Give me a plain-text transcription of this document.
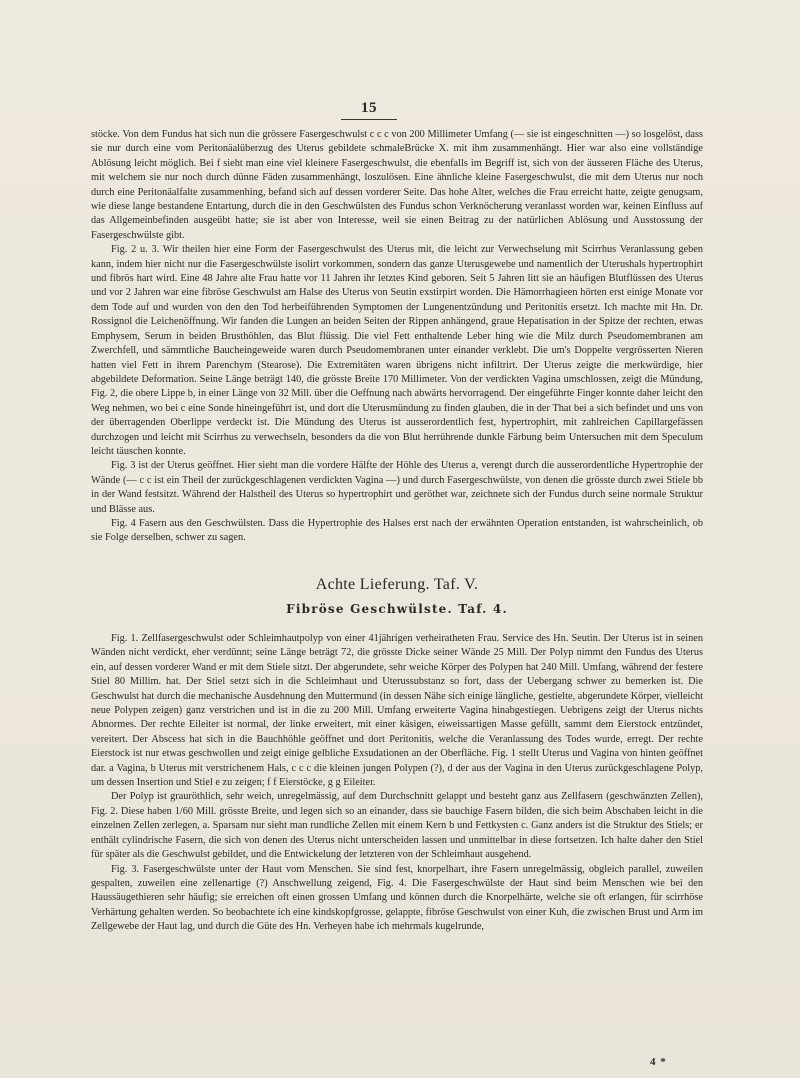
15

stöcke. Von dem Fundus hat sich nun die grössere Fasergeschwulst c c c von 200 Millimeter Umfang (— sie ist eingeschnitten —) so losgelöst, dass sie nur durch eine vom Peritonäalüberzug des Uterus gebildete schmaleBrücke X. mit ihm zusammenhängt. Hier war also eine vollständige Ablösung leicht möglich. Bei f sieht man eine viel kleinere Fasergeschwulst, die ebenfalls im Begriff ist, sich von der äusseren Fläche des Uterus, mit welchem sie nur noch durch dünne Fäden zusammenhängt, loszulösen. Eine ähnliche kleine Fasergeschwulst, die mit dem Uterus nur noch durch eine Peritonäalfalte zusammenhing, befand sich auf dessen vorderer Seite. Das hohe Alter, welches die Frau erreicht hatte, zeigte genugsam, wie diese lange bestandene Entartung, durch die in den Geschwülsten des Fundus schon Verknöcherung veranlasst worden war, keinen Einfluss auf das Allgemeinbefinden ausgeübt hatte; sie ist aber von Interesse, weil sie einen Beitrag zu der natürlichen Ablösung und Ausstossung der Fasergeschwülste gibt.

Fig. 2 u. 3. Wir theilen hier eine Form der Fasergeschwulst des Uterus mit, die leicht zur Verwechselung mit Scirrhus Veranlassung geben kann, indem hier nicht nur die Fasergeschwülste isolirt vorkommen, sondern das ganze Uterusgewebe und namentlich der Uterushals hypertrophirt und fibrös hart wird. Eine 48 Jahre alte Frau hatte vor 11 Jahren ihr letztes Kind geboren. Seit 5 Jahren litt sie an häufigen Blutflüssen des Uterus und vor 2 Jahren war eine fibröse Geschwulst am Halse des Uterus von Seutin exstirpirt worden. Die Hämorrhagieen hörten erst einige Monate vor dem Tode auf und wurden von den den Tod herbeiführenden Symptomen der Lungenentzündung und Peritonitis ersetzt. Ich machte mit Hn. Dr. Rossignol die Leichenöffnung. Wir fanden die Lungen an beiden Seiten der Rippen anhängend, graue Hepatisation in der Spitze der rechten, etwas Emphysem, Serum in beiden Brusthöhlen, das Blut flüssig. Die viel Fett enthaltende Leber hing wie die Milz durch Pseudomembranen am Zwerchfell, und sämmtliche Baucheingeweide waren durch Pseudomembranen unter einander verklebt. Die um's Doppelte vergrösserten Nieren hatten viel Fett in ihrem Parenchym (Stearose). Die Extremitäten waren übrigens nicht infiltrirt. Der Uterus zeigte die merkwürdige, hier abgebildete Deformation. Seine Länge beträgt 140, die grösste Breite 170 Millimeter. Von der verdickten Vagina umschlossen, zeigt die Mündung, Fig. 2, die obere Lippe b, in einer Länge von 32 Mill. über die Oeffnung nach abwärts hervorragend. Der eingeführte Finger konnte daher leicht den Weg nehmen, wo bei c eine Sonde hineingeführt ist, und dort die Uterusmündung zu finden glauben, die in der That bei a sich befindet und uns von der überragenden Oberlippe verdeckt ist. Die Mündung des Uterus ist ausserordentlich fest, hypertrophirt, mit zahlreichen Capillargefässen durchzogen und leicht mit Scirrhus zu verwechseln, besonders da die von Blut herrührende dunkle Färbung beim Untersuchen mit dem Speculum leicht täuschen konnte.

Fig. 3 ist der Uterus geöffnet. Hier sieht man die vordere Hälfte der Höhle des Uterus a, verengt durch die ausserordentliche Hypertrophie der Wände (— c c ist ein Theil der zurückgeschlagenen verdickten Vagina —) und durch Fasergeschwülste, von denen die grösste durch zwei Stiele bb in der Wand festsitzt. Während der Halstheil des Uterus so hypertrophirt und geröthet war, zeichnete sich der Fundus durch seine normale Struktur und Blässe aus.

Fig. 4 Fasern aus den Geschwülsten. Dass die Hypertrophie des Halses erst nach der erwähnten Operation entstanden, ist wahrscheinlich, ob sie Folge derselben, schwer zu sagen.

Achte Lieferung. Taf. V.
Fibröse Geschwülste. Taf. 4.

Fig. 1. Zellfasergeschwulst oder Schleimhautpolyp von einer 41jährigen verheiratheten Frau. Service des Hn. Seutin. Der Uterus ist in seinen Wänden nicht verdickt, eher verdünnt; seine Länge beträgt 72, die grösste Dicke seiner Wände 25 Mill. Der Polyp nimmt den Fundus des Uterus ein, auf dessen vorderer Wand er mit dem Stiele sitzt. Der abgerundete, sehr weiche Körper des Polypen hat 240 Mill. Umfang, während der festere Stiel 80 Millim. hat. Der Stiel setzt sich in die Schleimhaut und Uterussubstanz so fort, dass der Uebergang schwer zu bemerken ist. Die Geschwulst hat durch die mechanische Ausdehnung den Muttermund (in dessen Nähe sich einige längliche, gestielte, abgerundete Körper, vielleicht neue Polypen zeigen) ganz verstrichen und ist in die zu 200 Mill. Umfang erweiterte Vagina hinabgestiegen. Uebrigens zeigt der Uterus nichts Abnormes. Der rechte Eileiter ist normal, der linke erweitert, mit einer käsigen, eiweissartigen Masse gefüllt, sammt dem Eierstock entzündet, vereitert. Der Abscess hat sich in die Bauchhöhle geöffnet und dort Peritonitis, welche die Veranlassung des Todes wurde, erregt. Der rechte Eierstock ist nur etwas geschwollen und zeigt einige gelbliche Exsudationen an der Oberfläche. Fig. 1 stellt Uterus und Vagina von hinten geöffnet dar. a Vagina, b Uterus mit verstrichenem Hals, c c c die kleinen jungen Polypen (?), d der aus der Vagina in den Uterus zurückgeschlagene Polyp, um dessen Insertion und Stiel e zu zeigen; f f Eierstöcke, g g Eileiter.

Der Polyp ist grauröthlich, sehr weich, unregelmässig, auf dem Durchschnitt gelappt und besteht ganz aus Zellfasern (geschwänzten Zellen), Fig. 2. Diese haben 1/60 Mill. grösste Breite, und legen sich so an einander, dass sie bauchige Fasern bilden, die sich beim Abschaben leicht in die einzelnen Zellen zerlegen, a. Sparsam nur sieht man rundliche Zellen mit einem Kern b und Fettkysten c. Ganz anders ist die Struktur des Stiels; er enthält cylindrische Fasern, die sich von denen des Uterus nicht unterscheiden lassen und unmittelbar in diese fortsetzen. Ich halte daher den Stiel für später als die Geschwulst gebildet, und die Entwickelung der letzteren von der Schleimhaut ausgehend.

Fig. 3. Fasergeschwülste unter der Haut vom Menschen. Sie sind fest, knorpelhart, ihre Fasern unregelmässig, obgleich parallel, zuweilen gespalten, zuweilen eine zellenartige (?) Anschwellung zeigend, Fig. 4. Die Fasergeschwülste der Haut sind beim Menschen wie bei den Haussäugethieren sehr häufig; sie erreichen oft einen grossen Umfang und können durch die Knorpelhärte, welche sie oft erlangen, für scirrhöse Verhärtung gehalten werden. So beobachtete ich eine kindskopfgrosse, gelappte, fibröse Geschwulst von einer Kuh, die zwischen Brust und Arm im Zellgewebe der Haut lag, und durch die Güte des Hn. Verheyen habe ich mehrmals kugelrunde,

4 *
